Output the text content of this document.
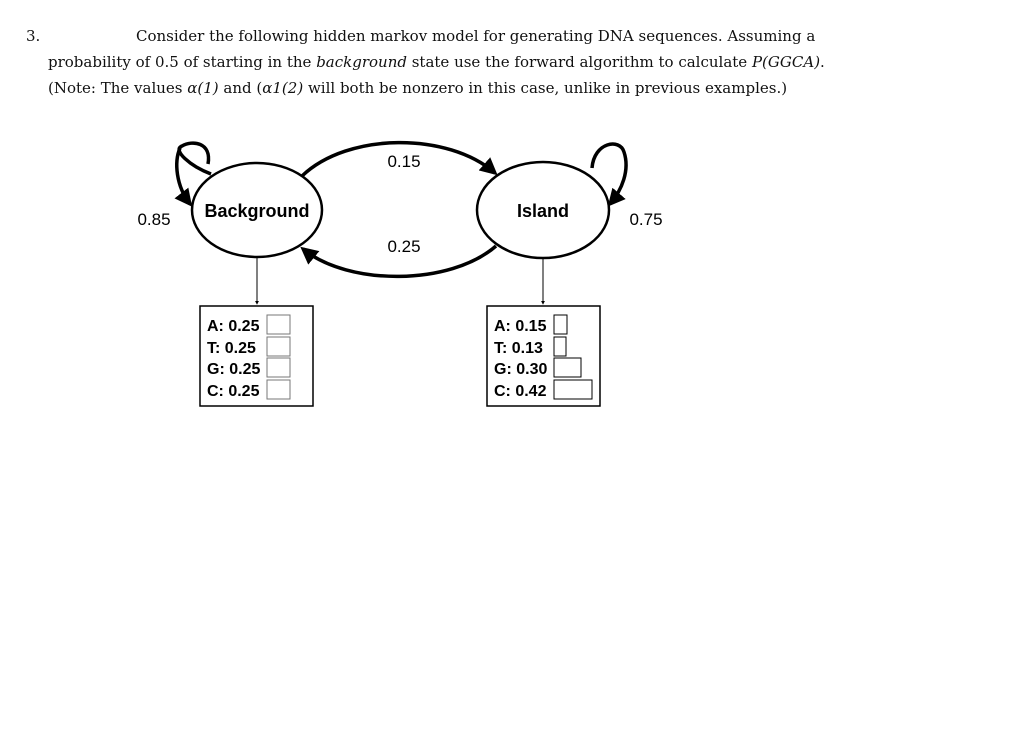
3.	Consider the following hidden markov model for generating DNA sequences. Assuming a
probability of 0.5 of starting in the background state use the forward algorithm to calculate P(GGCA).
(Note: The values α(1) and (α1(2) will both be nonzero in this case, unlike in previous examples.)
Background	Island
0.15
0.25
0.85	0.75
A: 0.25
T: 0.25
G: 0.25
C: 0.25
A: 0.15
T: 0.13
G: 0.30
C: 0.42
